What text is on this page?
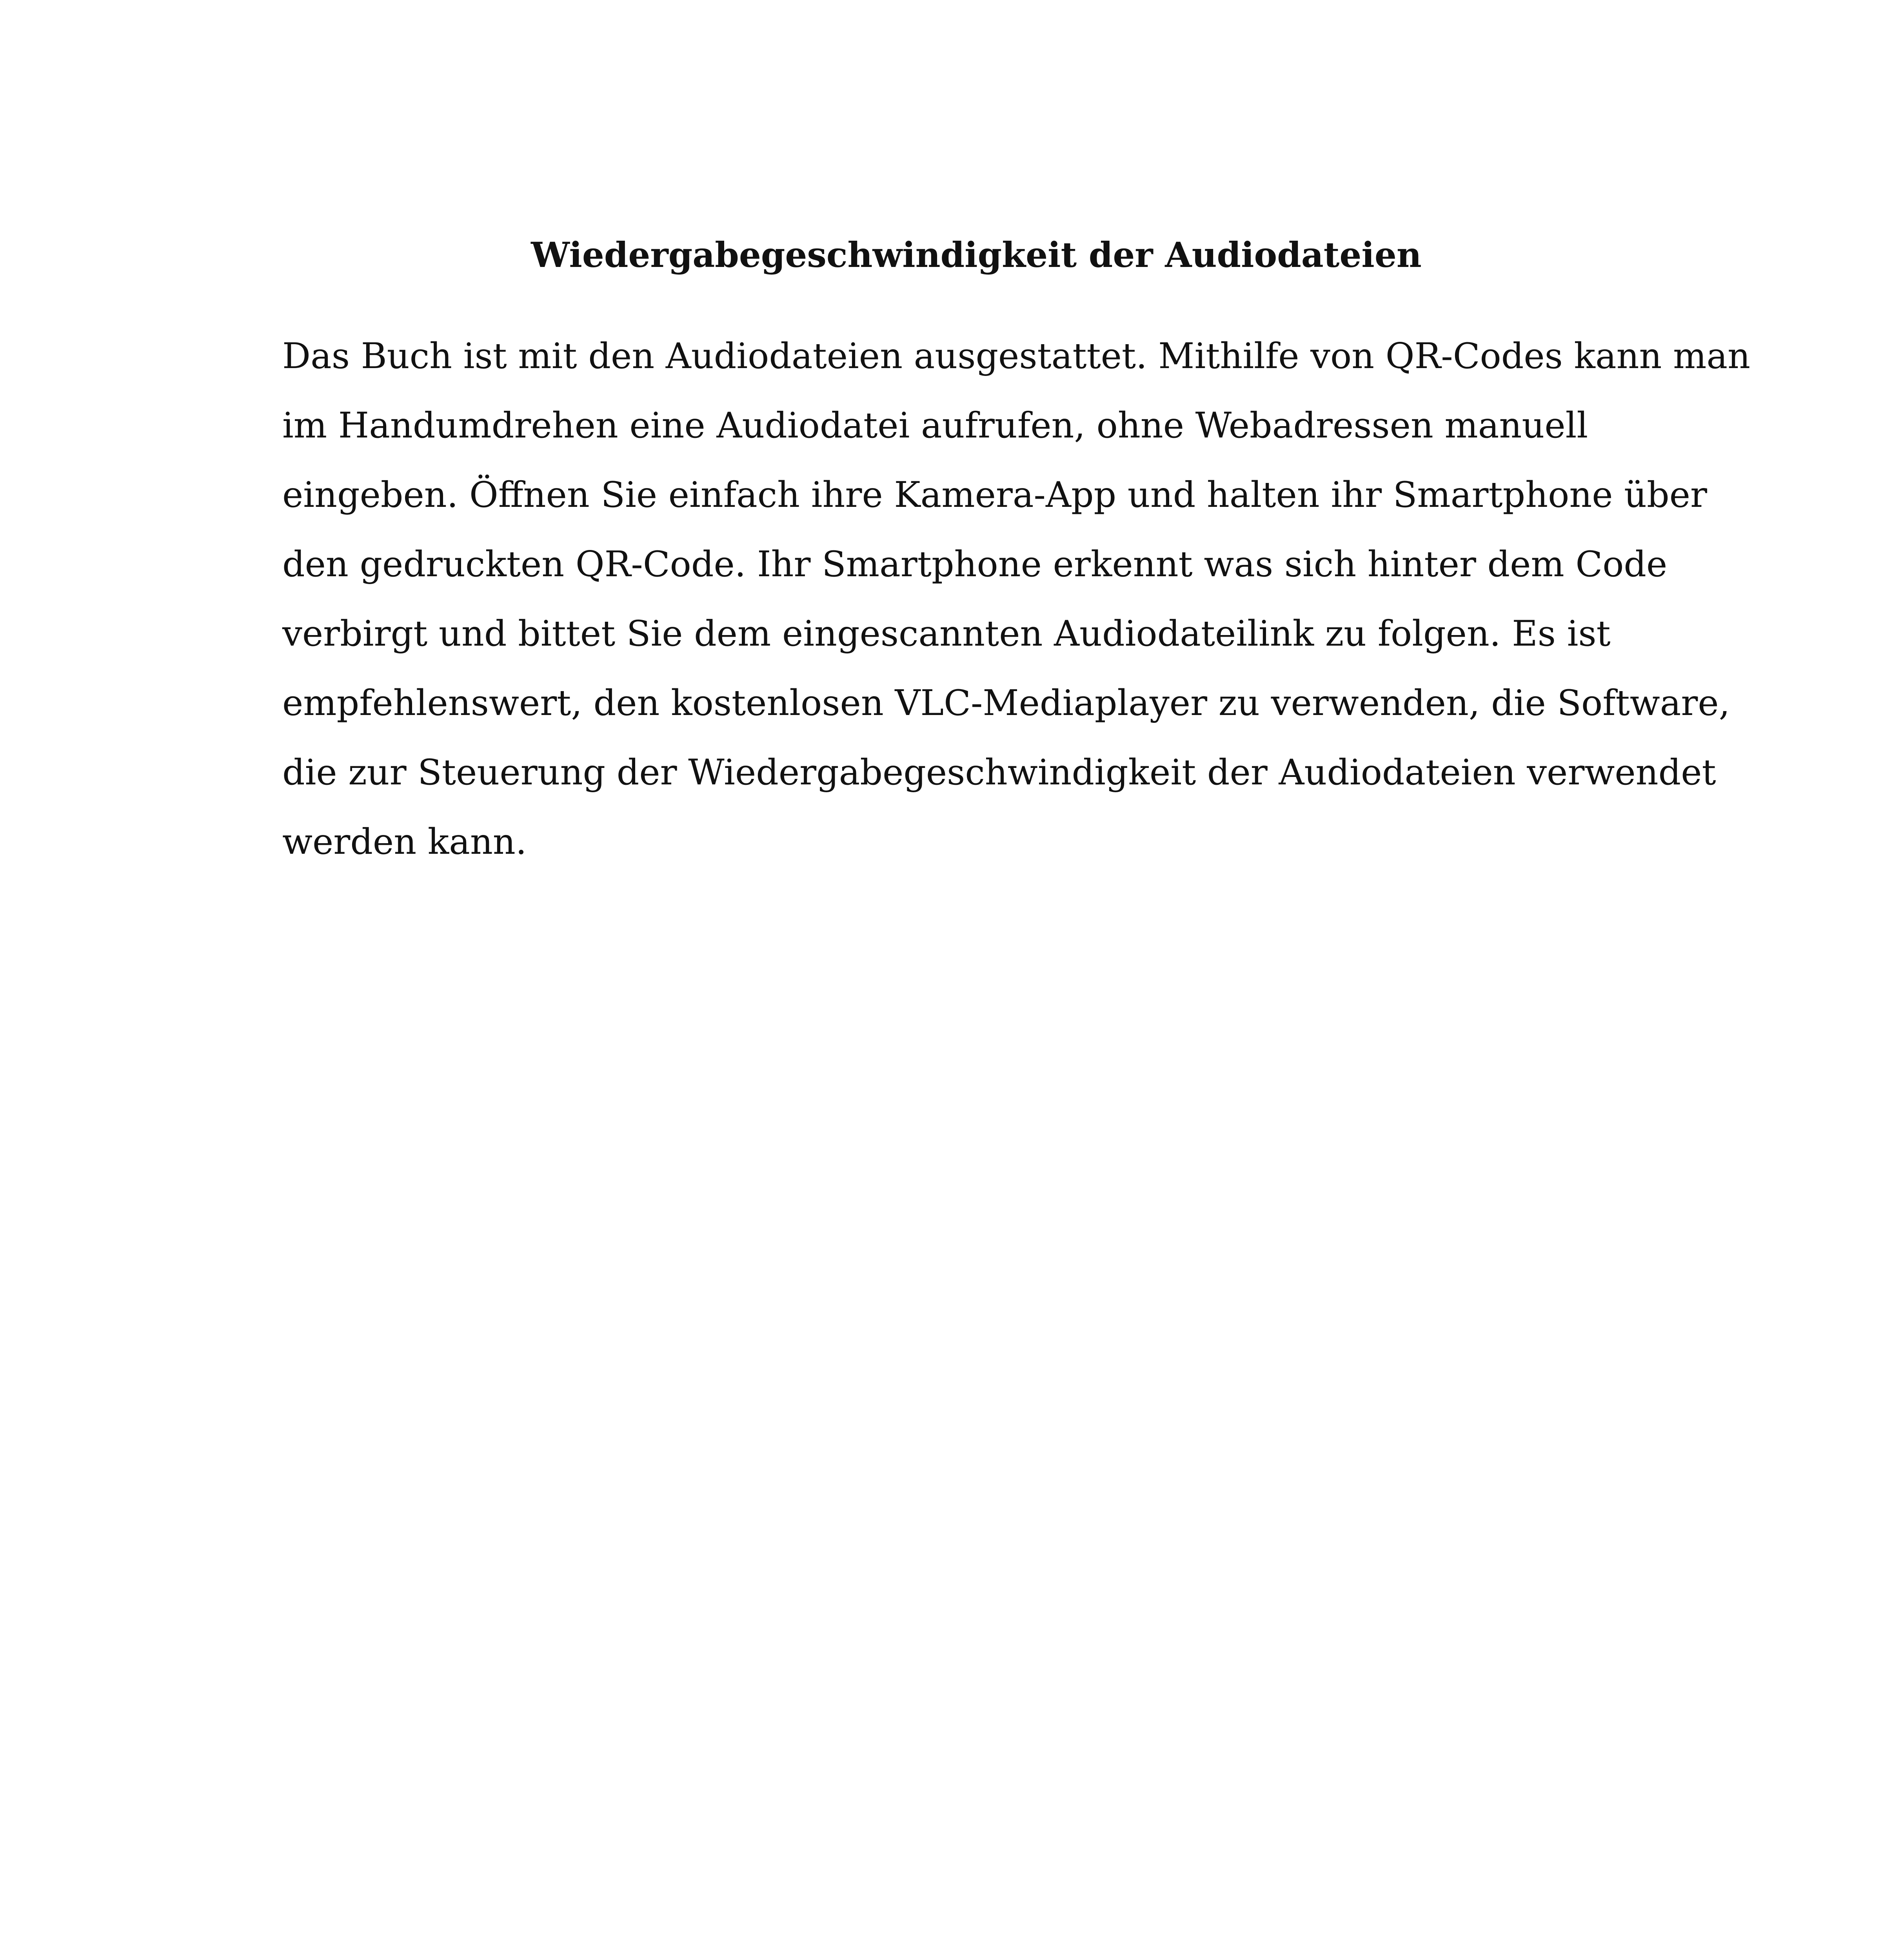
Wiedergabegeschwindigkeit der Audiodateien
Das Buch ist mit den Audiodateien ausgestattet. Mithilfe von QR-Codes kann man
im Handumdrehen eine Audiodatei aufrufen, ohne Webadressen manuell
eingeben. Öffnen Sie einfach ihre Kamera-App und halten ihr Smartphone über
den gedruckten QR-Code. Ihr Smartphone erkennt was sich hinter dem Code
verbirgt und bittet Sie dem eingescannten Audiodateilink zu folgen. Es ist
empfehlenswert, den kostenlosen VLC-Mediaplayer zu verwenden, die Software,
die zur Steuerung der Wiedergabegeschwindigkeit der Audiodateien verwendet
werden kann.
